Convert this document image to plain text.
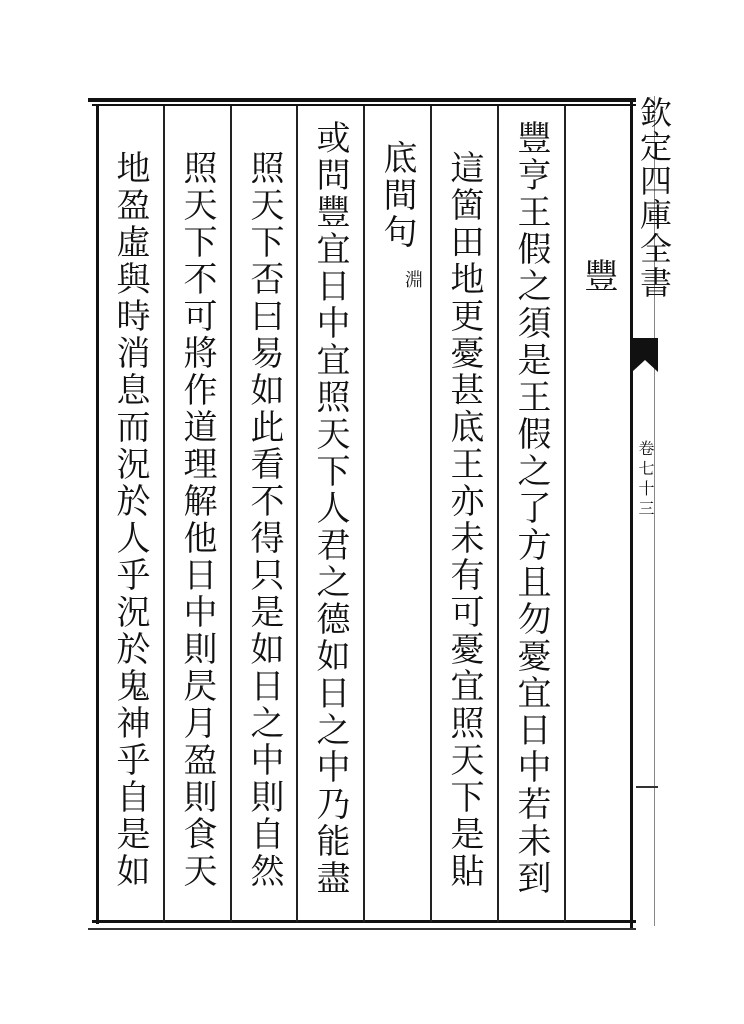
豐
豐亨王假之須是王假之了方且勿憂宜日中若未到
這箇田地更憂甚底王亦未有可憂宜照天下是貼
底間句
淵
或問豐宜日中宜照天下人君之德如日之中乃能盡
照天下否曰易如此看不得只是如日之中則自然
照天下不可將作道理解他日中則昃月盈則食天
地盈虛與時消息而況於人乎況於鬼神乎自是如	欽定四庫全書
卷七十三
